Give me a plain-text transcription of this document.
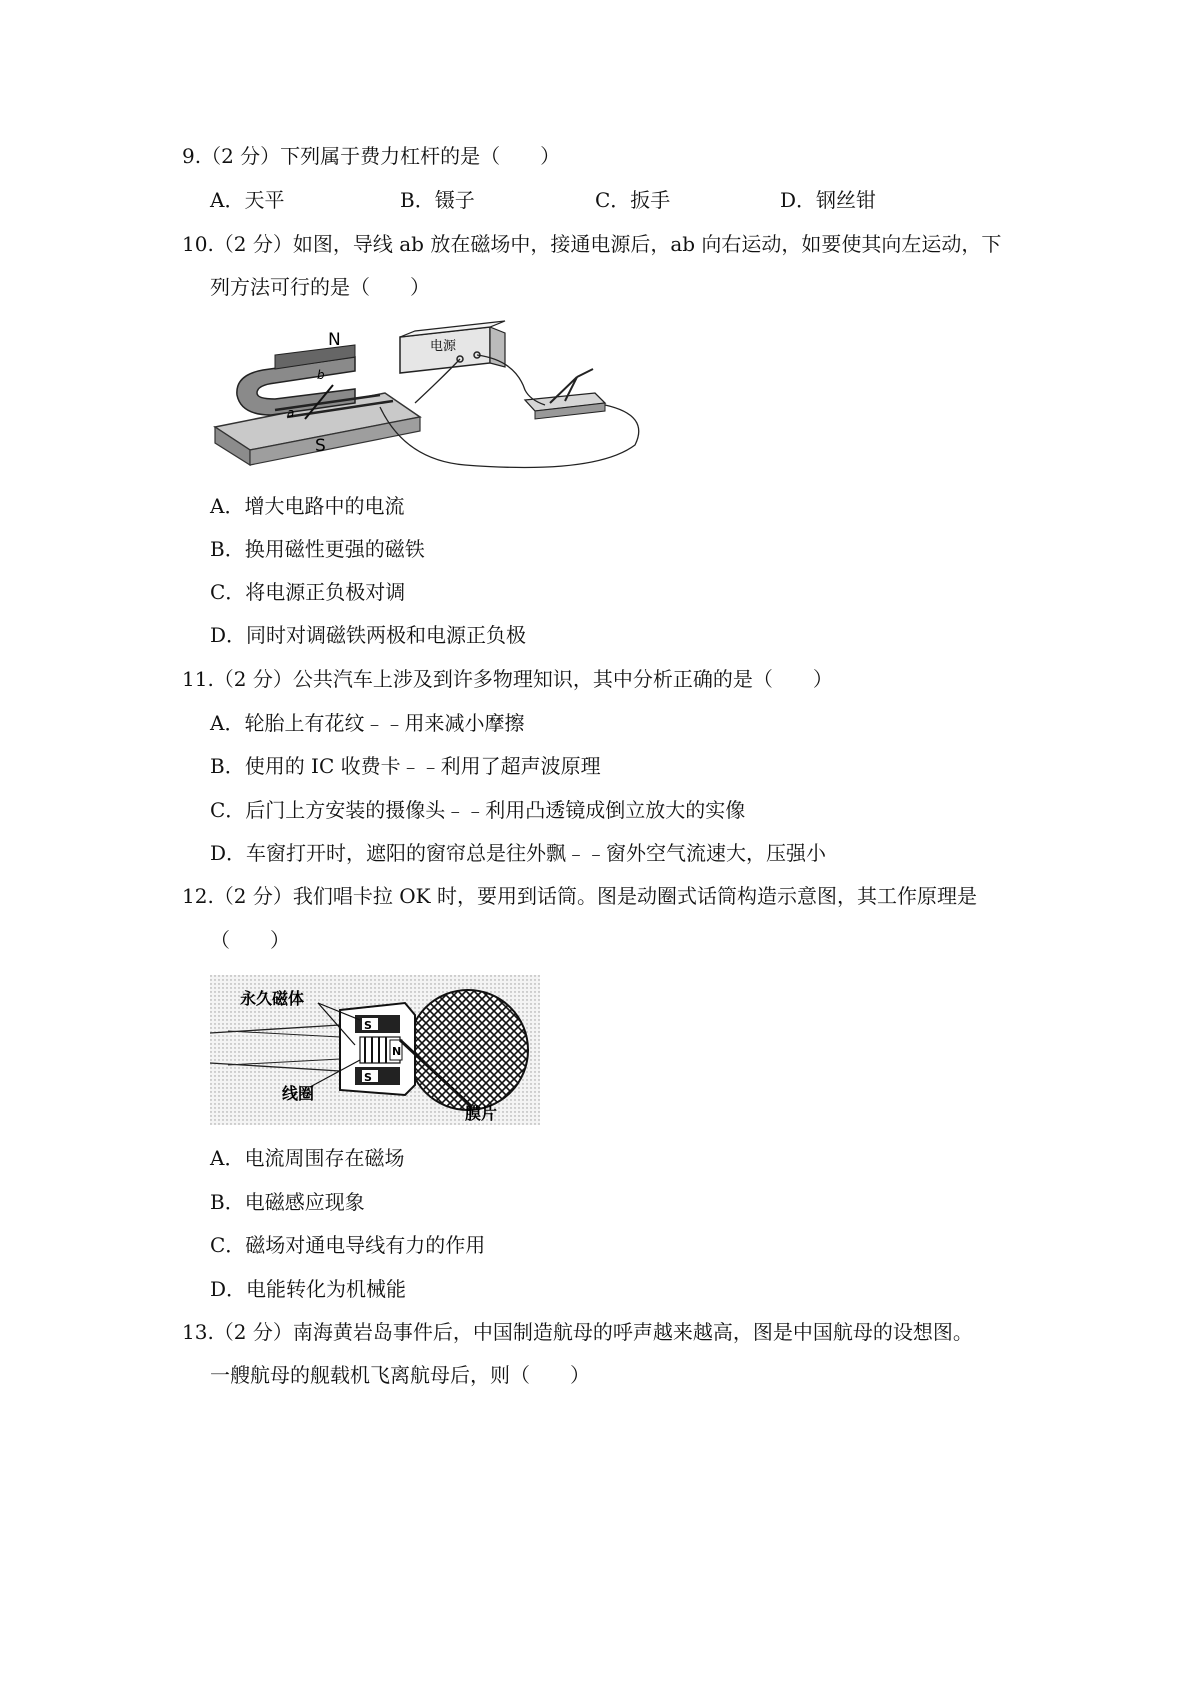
9.（2 分）下列属于费力杠杆的是（　　）
A．天平	B．镊子	C．扳手	D．钢丝钳
10.（2 分）如图，导线 ab 放在磁场中，接通电源后，ab 向右运动，如要使其向左运动，下
列方法可行的是（　　）
N
S
a
b
电源
A．增大电路中的电流
B．换用磁性更强的磁铁
C．将电源正负极对调
D．同时对调磁铁两极和电源正负极
11.（2 分）公共汽车上涉及到许多物理知识，其中分析正确的是（　　）
A．轮胎上有花纹﹣﹣用来减小摩擦
B．使用的 IC 收费卡﹣﹣利用了超声波原理
C．后门上方安装的摄像头﹣﹣利用凸透镜成倒立放大的实像
D．车窗打开时，遮阳的窗帘总是往外飘﹣﹣窗外空气流速大，压强小
12.（2 分）我们唱卡拉 OK 时，要用到话筒。图是动圈式话筒构造示意图，其工作原理是
（　　）
永久磁体
线圈
膜片
S
S
N
A．电流周围存在磁场
B．电磁感应现象
C．磁场对通电导线有力的作用
D．电能转化为机械能
13.（2 分）南海黄岩岛事件后，中国制造航母的呼声越来越高，图是中国航母的设想图。
一艘航母的舰载机飞离航母后，则（　　）
